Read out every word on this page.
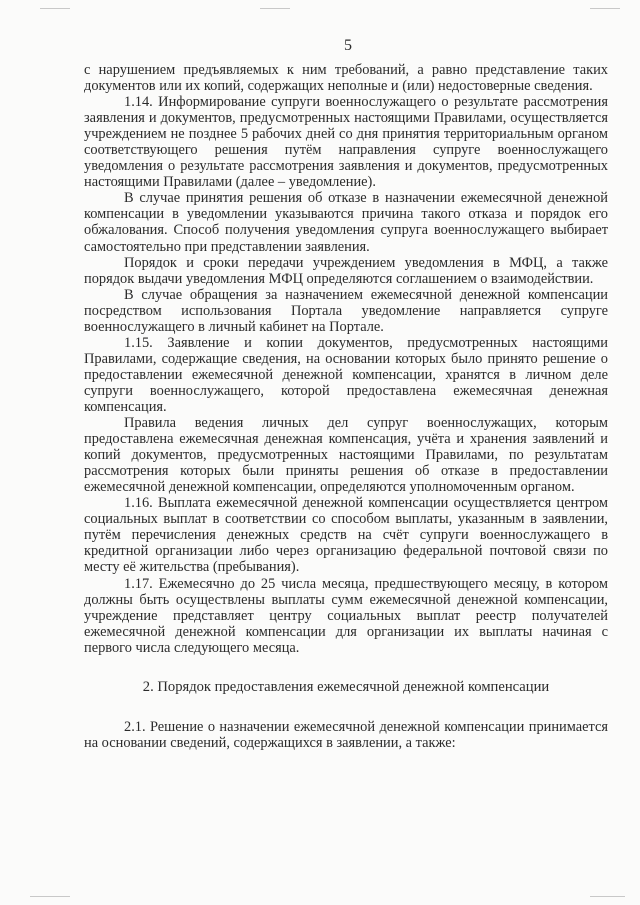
5

с нарушением предъявляемых к ним требований, а равно представление таких документов или их копий, содержащих неполные и (или) недостоверные сведения.

1.14. Информирование супруги военнослужащего о результате рассмотрения заявления и документов, предусмотренных настоящими Правилами, осуществляется учреждением не позднее 5 рабочих дней со дня принятия территориальным органом соответствующего решения путём направления супруге военнослужащего уведомления о результате рассмотрения заявления и документов, предусмотренных настоящими Правилами (далее – уведомление).

В случае принятия решения об отказе в назначении ежемесячной денежной компенсации в уведомлении указываются причина такого отказа и порядок его обжалования. Способ получения уведомления супруга военнослужащего выбирает самостоятельно при представлении заявления.

Порядок и сроки передачи учреждением уведомления в МФЦ, а также порядок выдачи уведомления МФЦ определяются соглашением о взаимодействии.

В случае обращения за назначением ежемесячной денежной компенсации посредством использования Портала уведомление направляется супруге военнослужащего в личный кабинет на Портале.

1.15. Заявление и копии документов, предусмотренных настоящими Правилами, содержащие сведения, на основании которых было принято решение о предоставлении ежемесячной денежной компенсации, хранятся в личном деле супруги военнослужащего, которой предоставлена ежемесячная денежная компенсация.

Правила ведения личных дел супруг военнослужащих, которым предоставлена ежемесячная денежная компенсация, учёта и хранения заявлений и копий документов, предусмотренных настоящими Правилами, по результатам рассмотрения которых были приняты решения об отказе в предоставлении ежемесячной денежной компенсации, определяются уполномоченным органом.

1.16. Выплата ежемесячной денежной компенсации осуществляется центром социальных выплат в соответствии со способом выплаты, указанным в заявлении, путём перечисления денежных средств на счёт супруги военнослужащего в кредитной организации либо через организацию федеральной почтовой связи по месту её жительства (пребывания).

1.17. Ежемесячно до 25 числа месяца, предшествующего месяцу, в котором должны быть осуществлены выплаты сумм ежемесячной денежной компенсации, учреждение представляет центру социальных выплат реестр получателей ежемесячной денежной компенсации для организации их выплаты начиная с первого числа следующего месяца.

2. Порядок предоставления ежемесячной денежной компенсации

2.1. Решение о назначении ежемесячной денежной компенсации принимается на основании сведений, содержащихся в заявлении, а также:
